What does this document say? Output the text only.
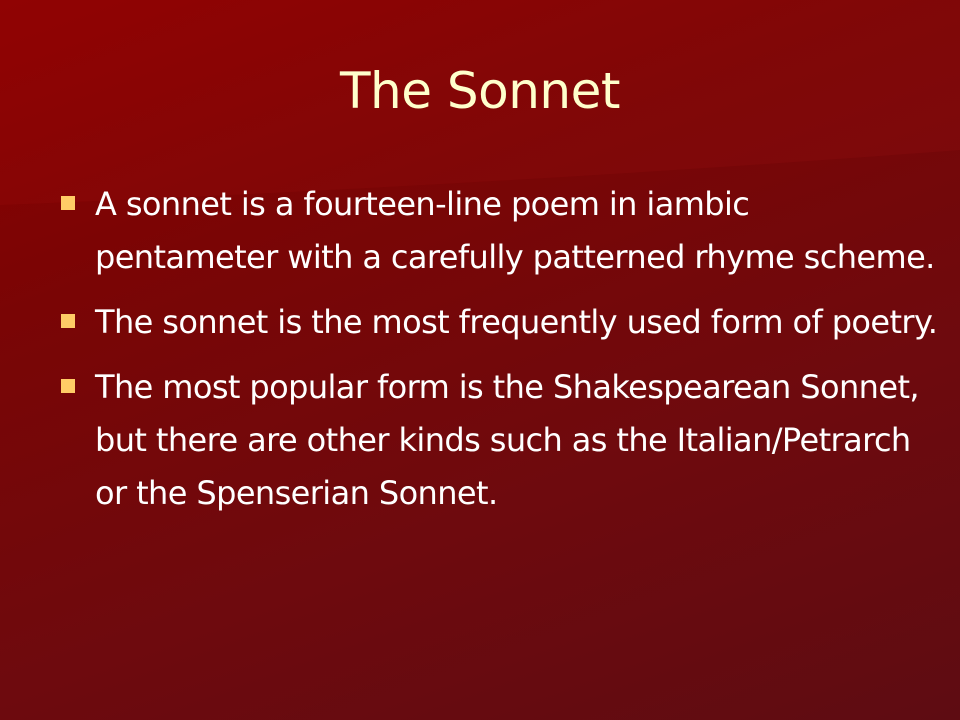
The Sonnet
A sonnet is a fourteen-line poem in iambic pentameter with a carefully patterned rhyme scheme.
The sonnet is the most frequently used form of poetry.
The most popular form is the Shakespearean Sonnet, but there are other kinds such as the Italian/Petrarch or the Spenserian Sonnet.
